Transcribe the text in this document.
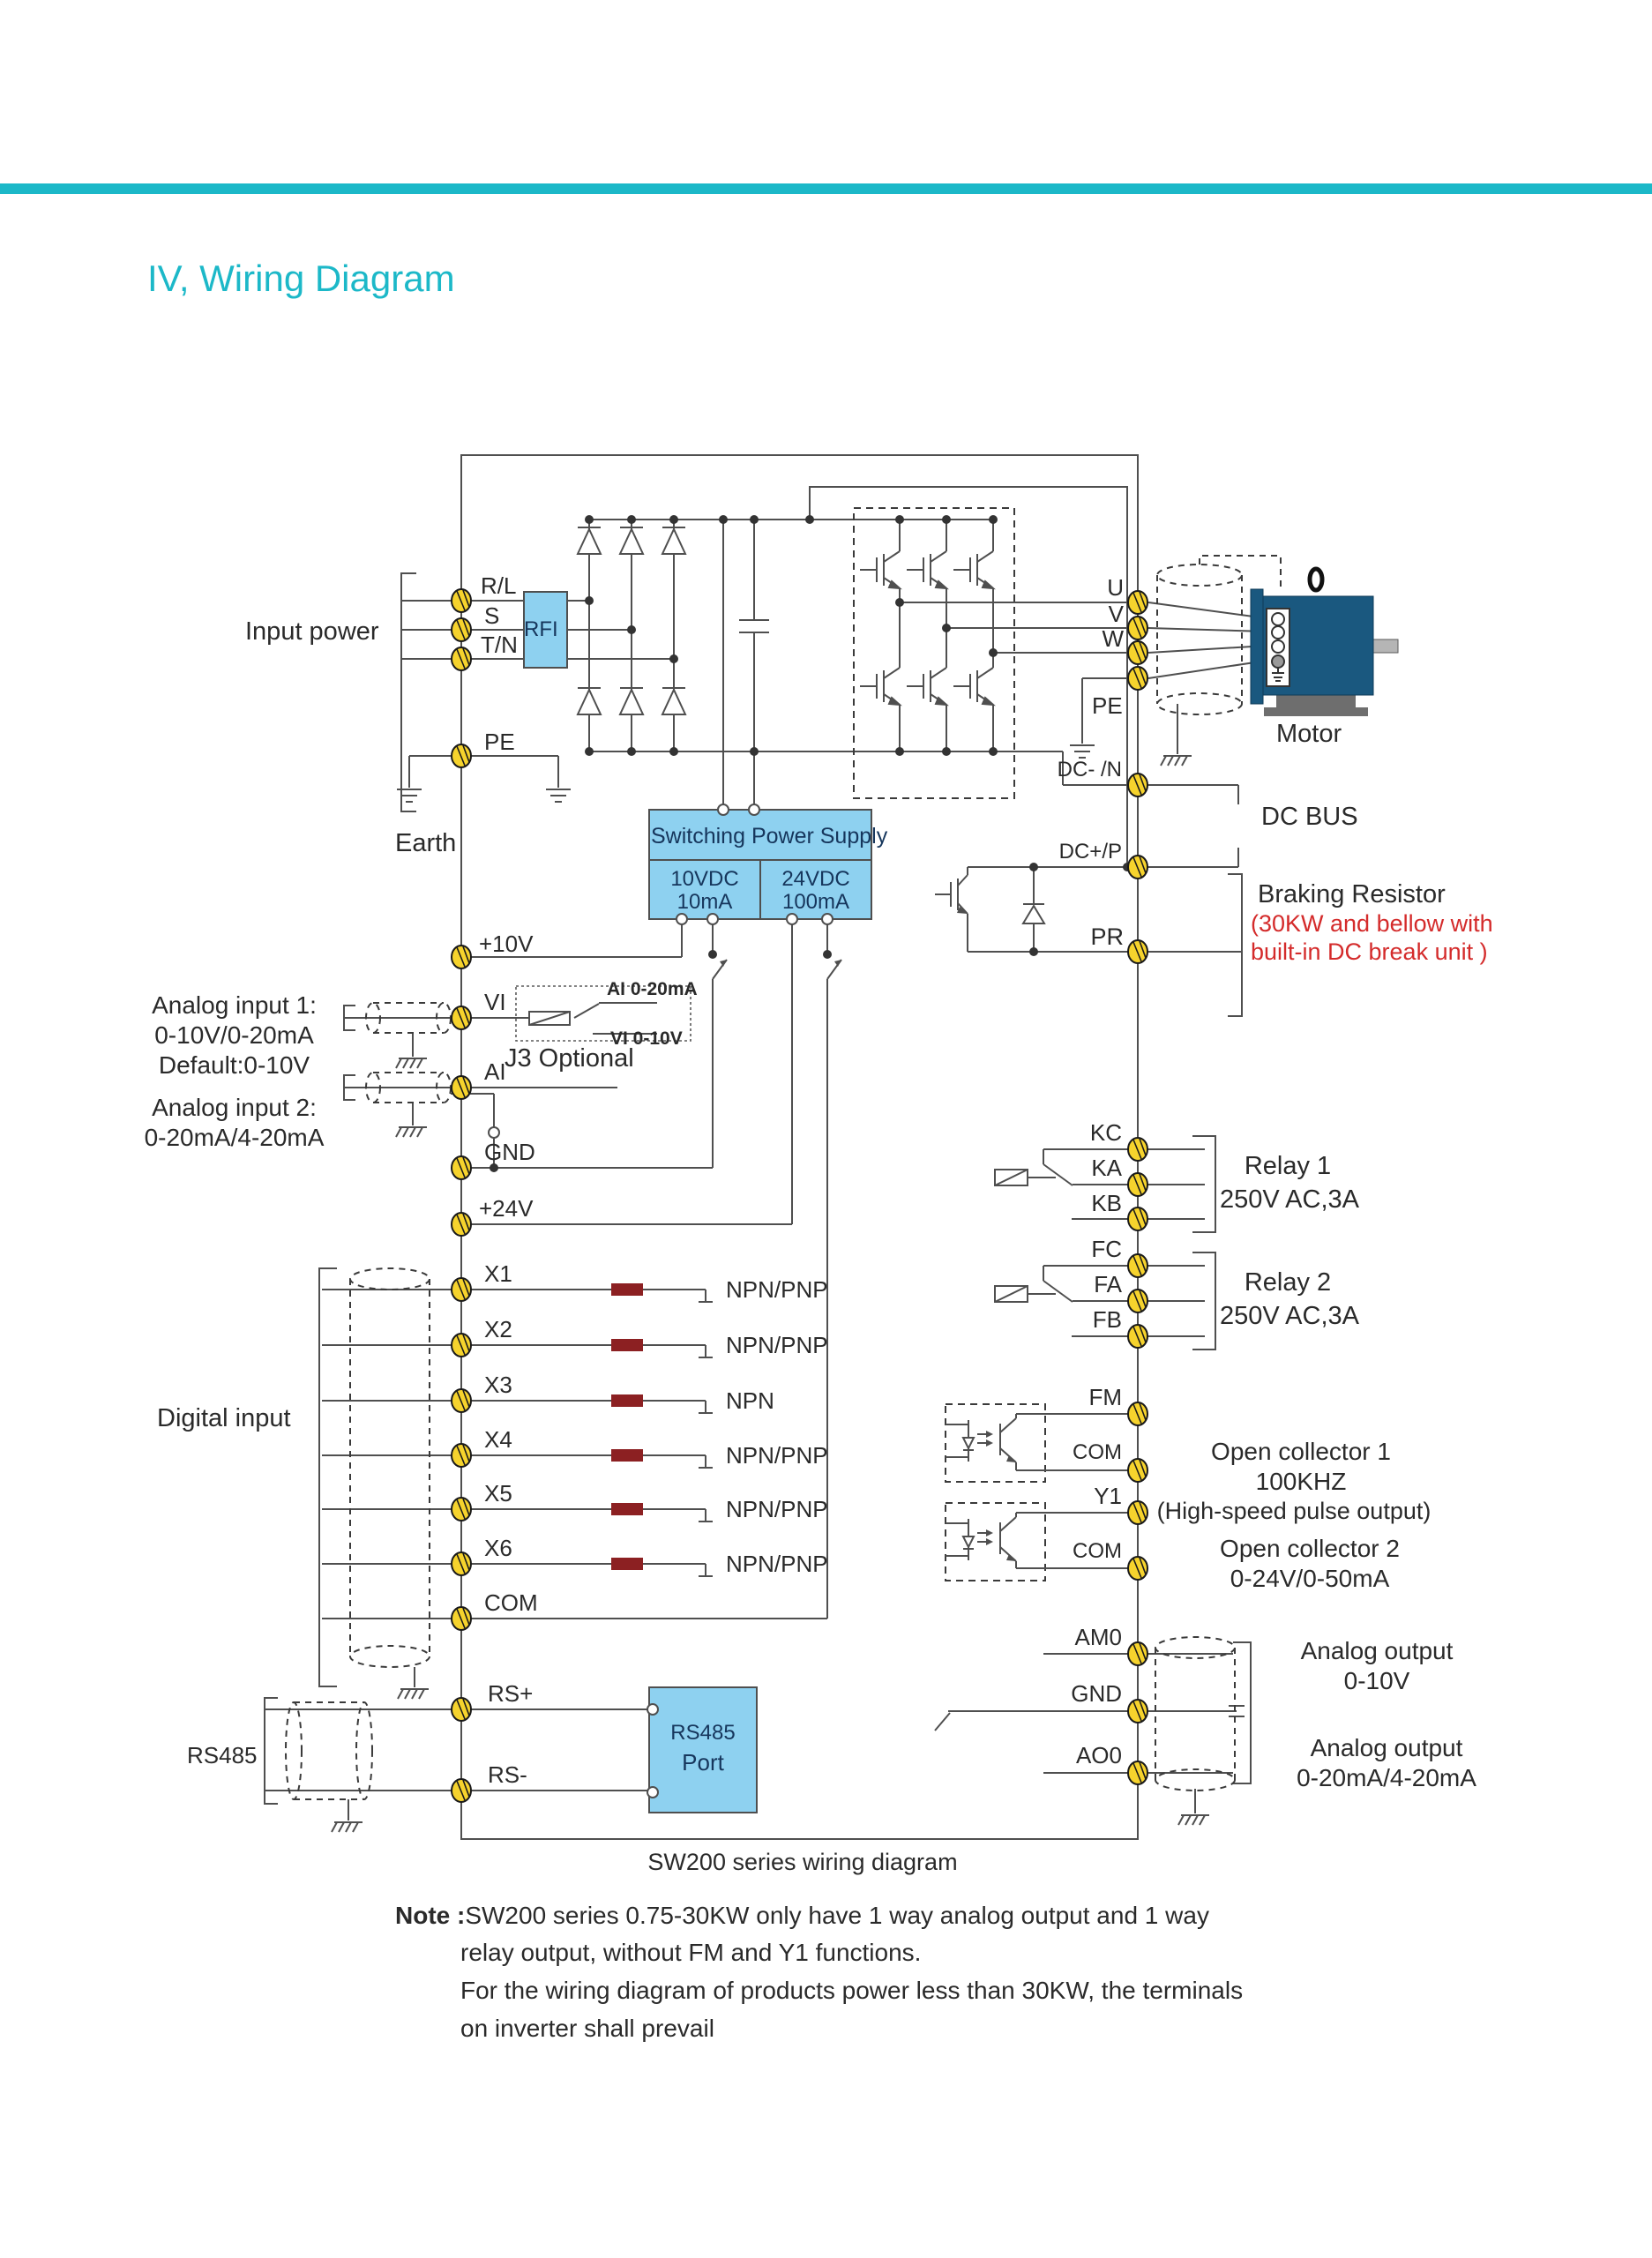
IV, Wiring Diagram
Input power
Earth
R/L
S
T/N
PE
RFI
+10V
VI
AI
GND
+24V
Analog input 1:
0-10V/0-20mA
Default:0-10V
Analog input 2:
0-20mA/4-20mA
AI 0-20mA
VI 0-10V
J3 Optional
Switching Power Supply
10VDC
10mA
24VDC
100mA
Digital input
X1
X2
X3
X4
X5
X6
COM
NPN/PNP
NPN/PNP
NPN
NPN/PNP
NPN/PNP
NPN/PNP
RS485
RS+
RS-
RS485
Port
U
V
W
PE
Motor
DC- /N
DC+/P
PR
DC BUS
Braking Resistor
(30KW and bellow with
built-in DC break unit )
KC
KA
KB
Relay 1
250V AC,3A
FC
FA
FB
Relay 2
250V AC,3A
FM
COM
Y1
COM
Open collector 1
100KHZ
(High-speed pulse output)
Open collector 2
0-24V/0-50mA
AM0
GND
AO0
Analog output
0-10V
Analog output
0-20mA/4-20mA
SW200 series wiring diagram
Note :SW200 series 0.75-30KW only have 1 way analog output and 1 way
relay output, without FM and Y1 functions.
For the wiring diagram of products power less than 30KW, the terminals
on inverter shall prevail
